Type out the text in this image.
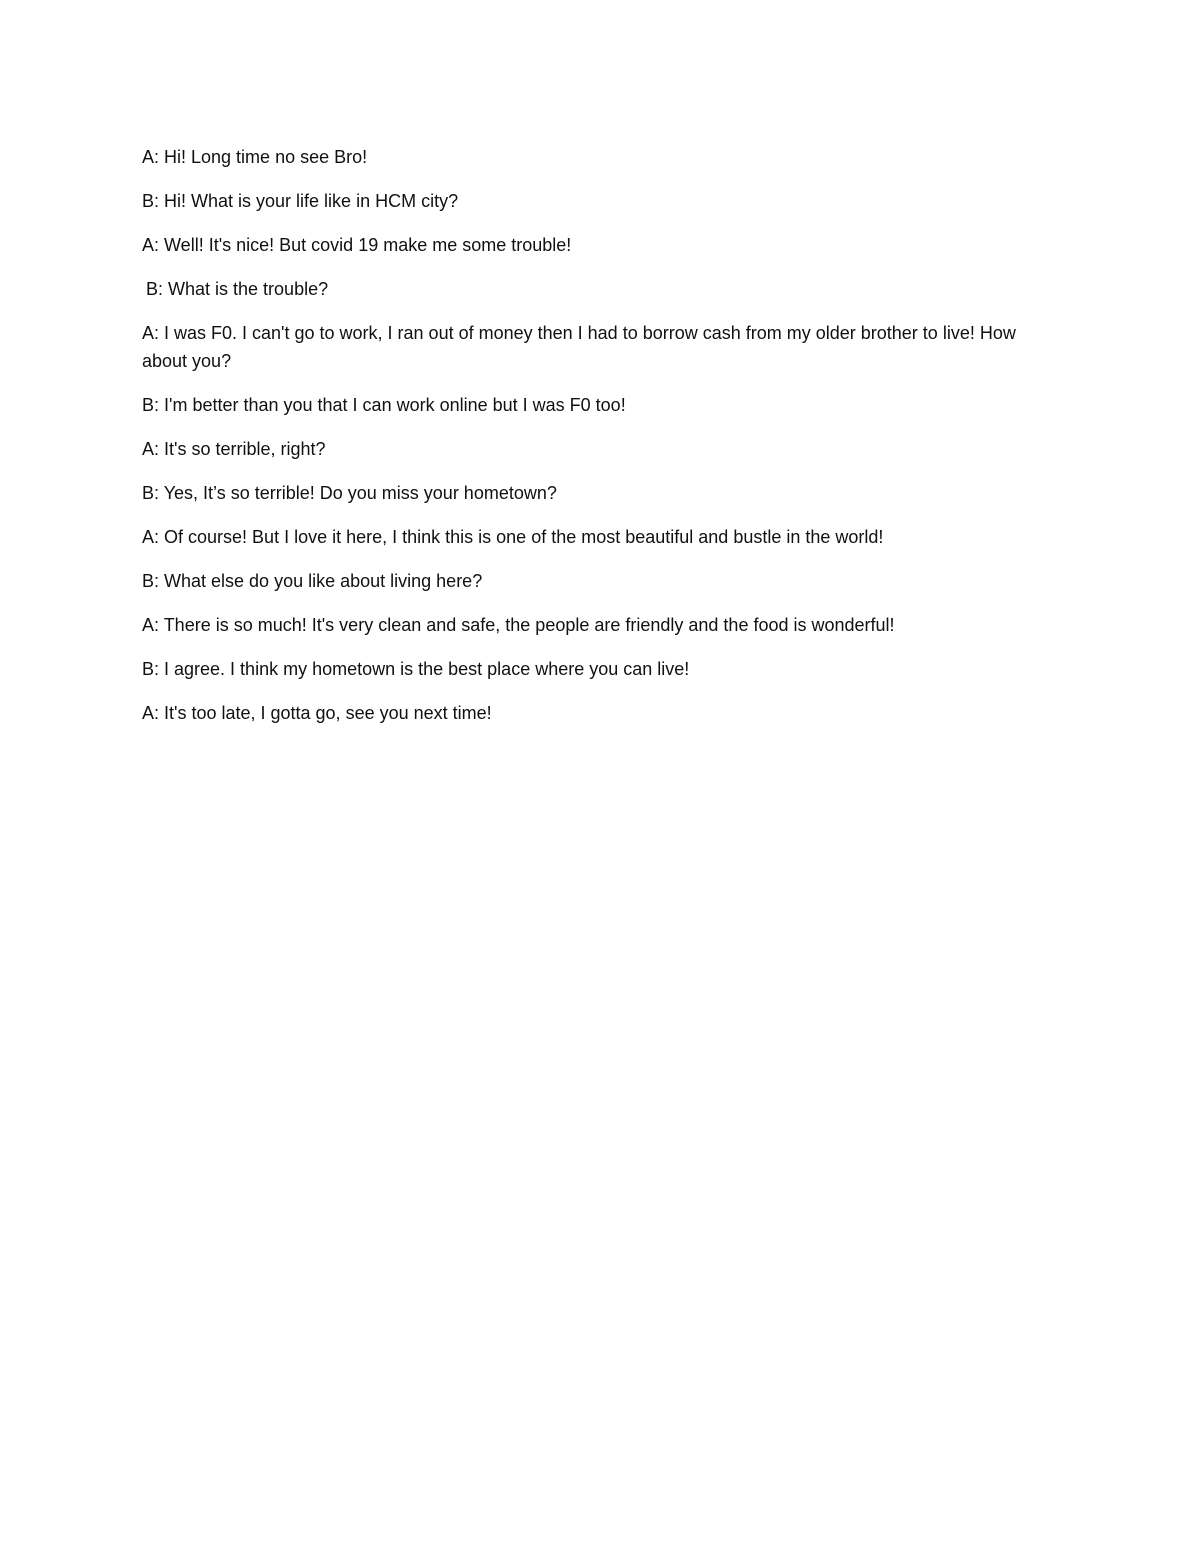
A: Hi! Long time no see Bro!

B: Hi! What is your life like in HCM city?

A: Well! It's nice! But covid 19 make me some trouble!

B: What is the trouble?

A: I was F0. I can't go to work, I ran out of money then I had to borrow cash from my older brother to live! How about you?

B: I'm better than you that I can work online but I was F0 too!

A: It's so terrible, right?

B: Yes, It’s so terrible! Do you miss your hometown?

A: Of course! But I love it here, I think this is one of the most beautiful and bustle in the world!

B: What else do you like about living here?

A: There is so much! It's very clean and safe, the people are friendly and the food is wonderful!

B: I agree. I think my hometown is the best place where you can live!

A: It's too late, I gotta go, see you next time!
